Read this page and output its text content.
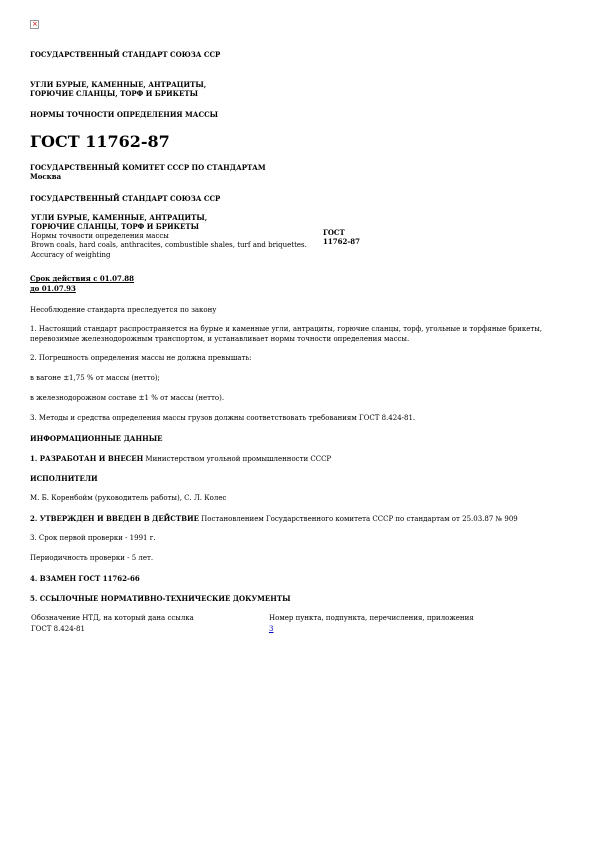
×
ГОСУДАРСТВЕННЫЙ СТАНДАРТ СОЮЗА ССР
УГЛИ БУРЫЕ, КАМЕННЫЕ, АНТРАЦИТЫ,
ГОРЮЧИЕ СЛАНЦЫ, ТОРФ И БРИКЕТЫ
НОРМЫ ТОЧНОСТИ ОПРЕДЕЛЕНИЯ МАССЫ
ГОСТ 11762-87
ГОСУДАРСТВЕННЫЙ КОМИТЕТ СССР ПО СТАНДАРТАМ
Москва
ГОСУДАРСТВЕННЫЙ СТАНДАРТ СОЮЗА ССР
УГЛИ БУРЫЕ, КАМЕННЫЕ, АНТРАЦИТЫ,
ГОРЮЧИЕ СЛАНЦЫ, ТОРФ И БРИКЕТЫ
Нормы точности определения массы
Brown coals, hard coals, anthracites, combustible shales, turf and briquettes.
Accuracy of weighting
ГОСТ
11762-87
Срок действия с 01.07.88
до 01.07.93
Несоблюдение стандарта преследуется по закону
1. Настоящий стандарт распространяется на бурые и каменные угли, антрациты, горючие сланцы, торф, угольные и торфяные брикеты,
перевозимые железнодорожным транспортом, и устанавливает нормы точности определения массы.
2. Погрешность определения массы не должна превышать:
в вагоне ±1,75 % от массы (нетто);
в железнодорожном составе ±1 % от массы (нетто).
3. Методы и средства определения массы грузов должны соответствовать требованиям ГОСТ 8.424-81.
ИНФОРМАЦИОННЫЕ ДАННЫЕ
1. РАЗРАБОТАН И ВНЕСЕН Министерством угольной промышленности СССР
ИСПОЛНИТЕЛИ
М. Б. Коренбойм (руководитель работы), С. Л. Колес
2. УТВЕРЖДЕН И ВВЕДЕН В ДЕЙСТВИЕ Постановлением Государственного комитета СССР по стандартам от 25.03.87 № 909
3. Срок первой проверки - 1991 г.
Периодичность проверки - 5 лет.
4. ВЗАМЕН ГОСТ 11762-66
5. ССЫЛОЧНЫЕ НОРМАТИВНО-ТЕХНИЧЕСКИЕ ДОКУМЕНТЫ
Обозначение НТД, на который дана ссылка	Номер пункта, подпункта, перечисления, приложения
ГОСТ 8.424-81	3
